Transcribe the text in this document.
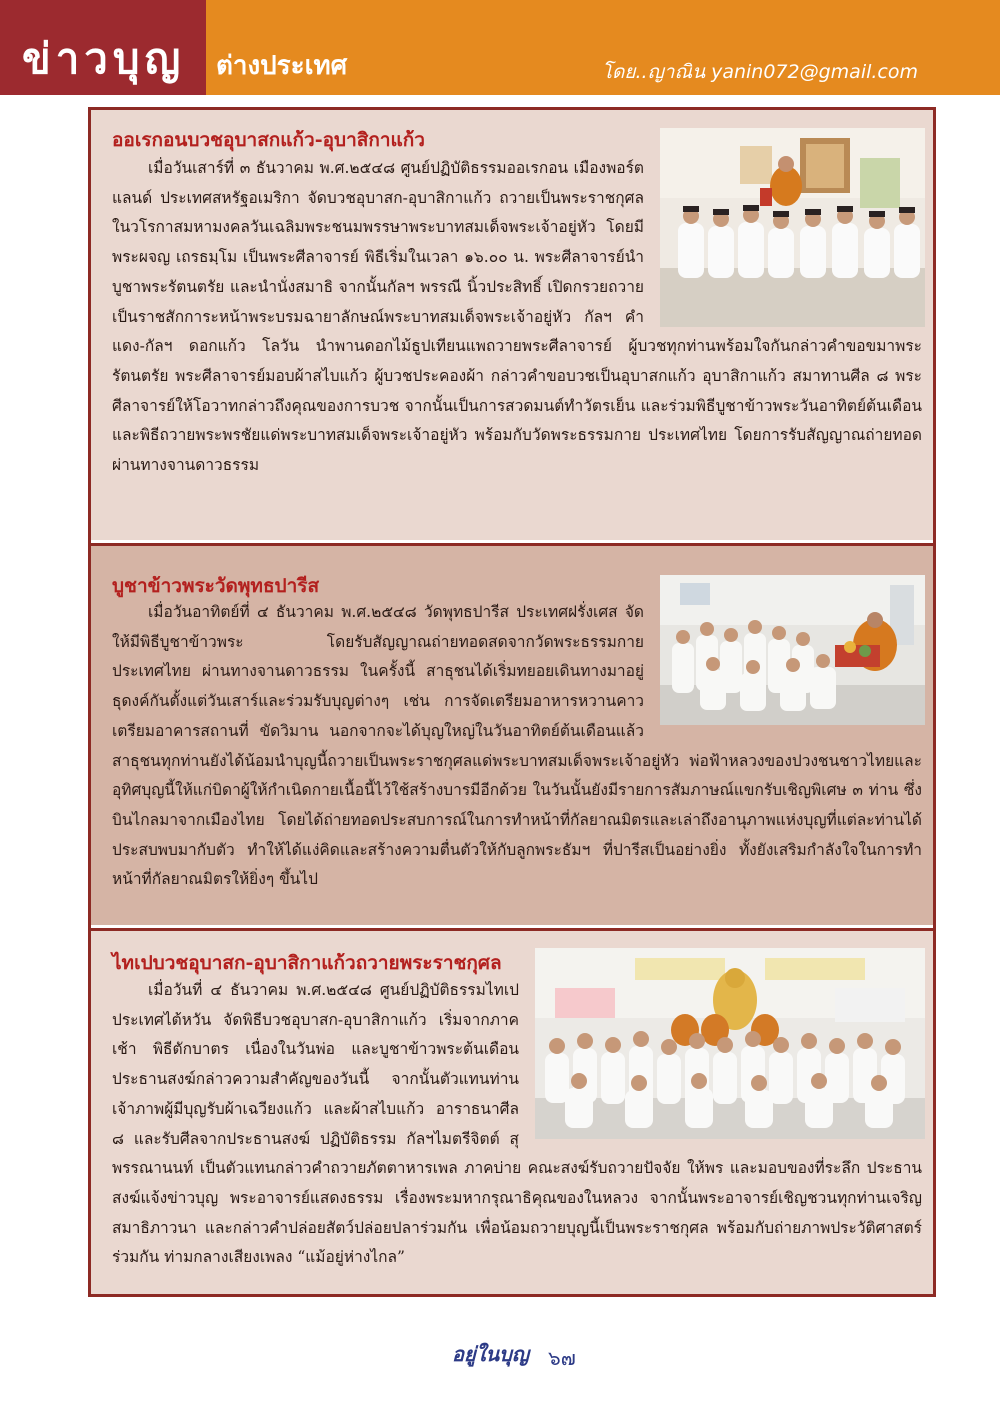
ข่าวบุญ ต่างประเทศ	โดย..ญาณิน yanin072@gmail.com
ออเรกอนบวชอุบาสกแก้ว-อุบาสิกาแก้ว

เมื่อวันเสาร์ที่ ๓ ธันวาคม พ.ศ.๒๕๔๘ ศูนย์ปฏิบัติธรรมออเรกอน เมืองพอร์ตแลนด์ ประเทศสหรัฐอเมริกา จัดบวชอุบาสก-อุบาสิกาแก้ว ถวายเป็นพระราชกุศลในวโรกาสมหามงคลวันเฉลิมพระชนมพรรษาพระบาทสมเด็จพระเจ้าอยู่หัว โดยมีพระผจญ เถรธมฺโม เป็นพระศีลาจารย์ พิธีเริ่มในเวลา ๑๖.๐๐ น. พระศีลาจารย์นำบูชาพระรัตนตรัย และนำนั่งสมาธิ จากนั้นกัลฯ พรรณี นิ้วประสิทธิ์ เปิดกรวยถวายเป็นราชสักการะหน้าพระบรมฉายาลักษณ์พระบาทสมเด็จพระเจ้าอยู่หัว กัลฯ คำแดง-กัลฯ ดอกแก้ว โลวัน นำพานดอกไม้ธูปเทียนแพถวายพระศีลาจารย์ ผู้บวชทุกท่านพร้อมใจกันกล่าวคำขอขมาพระรัตนตรัย พระศีลาจารย์มอบผ้าสไบแก้ว ผู้บวชประคองผ้า กล่าวคำขอบวชเป็นอุบาสกแก้ว อุบาสิกาแก้ว สมาทานศีล ๘ พระศีลาจารย์ให้โอวาทกล่าวถึงคุณของการบวช จากนั้นเป็นการสวดมนต์ทำวัตรเย็น และร่วมพิธีบูชาข้าวพระวันอาทิตย์ต้นเดือน และพิธีถวายพระพรชัยแด่พระบาทสมเด็จพระเจ้าอยู่หัว พร้อมกับวัดพระธรรมกาย ประเทศไทย โดยการรับสัญญาณถ่ายทอดผ่านทางจานดาวธรรม

บูชาข้าวพระวัดพุทธปารีส

เมื่อวันอาทิตย์ที่ ๔ ธันวาคม พ.ศ.๒๕๔๘ วัดพุทธปารีส ประเทศฝรั่งเศส จัดให้มีพิธีบูชาข้าวพระ โดยรับสัญญาณถ่ายทอดสดจากวัดพระธรรมกาย ประเทศไทย ผ่านทางจานดาวธรรม ในครั้งนี้ สาธุชนได้เริ่มทยอยเดินทางมาอยู่ธุดงค์กันตั้งแต่วันเสาร์และร่วมรับบุญต่างๆ เช่น การจัดเตรียมอาหารหวานคาว เตรียมอาคารสถานที่ ขัดวิมาน นอกจากจะได้บุญใหญ่ในวันอาทิตย์ต้นเดือนแล้วสาธุชนทุกท่านยังได้น้อมนำบุญนี้ถวายเป็นพระราชกุศลแด่พระบาทสมเด็จพระเจ้าอยู่หัว พ่อฟ้าหลวงของปวงชนชาวไทยและอุทิศบุญนี้ให้แก่บิดาผู้ให้กำเนิดกายเนื้อนี้ไว้ใช้สร้างบารมีอีกด้วย ในวันนั้นยังมีรายการสัมภาษณ์แขกรับเชิญพิเศษ ๓ ท่าน ซึ่งบินไกลมาจากเมืองไทย โดยได้ถ่ายทอดประสบการณ์ในการทำหน้าที่กัลยาณมิตรและเล่าถึงอานุภาพแห่งบุญที่แต่ละท่านได้ประสบพบมากับตัว ทำให้ได้แง่คิดและสร้างความตื่นตัวให้กับลูกพระธัมฯ ที่ปารีสเป็นอย่างยิ่ง ทั้งยังเสริมกำลังใจในการทำหน้าที่กัลยาณมิตรให้ยิ่งๆ ขึ้นไป

ไทเปบวชอุบาสก-อุบาสิกาแก้วถวายพระราชกุศล

เมื่อวันที่ ๔ ธันวาคม พ.ศ.๒๕๔๘ ศูนย์ปฏิบัติธรรมไทเป ประเทศไต้หวัน จัดพิธีบวชอุบาสก-อุบาสิกาแก้ว เริ่มจากภาคเช้า พิธีตักบาตร เนื่องในวันพ่อ และบูชาข้าวพระต้นเดือน ประธานสงฆ์กล่าวความสำคัญของวันนี้ จากนั้นตัวแทนท่านเจ้าภาพผู้มีบุญรับผ้าเฉวียงแก้ว และผ้าสไบแก้ว อาราธนาศีล ๘ และรับศีลจากประธานสงฆ์ ปฏิบัติธรรม กัลฯไมตรีจิตต์ สุพรรณานนท์ เป็นตัวแทนกล่าวคำถวายภัตตาหารเพล ภาคบ่าย คณะสงฆ์รับถวายปัจจัย ให้พร และมอบของที่ระลึก ประธานสงฆ์แจ้งข่าวบุญ พระอาจารย์แสดงธรรม เรื่องพระมหากรุณาธิคุณของในหลวง จากนั้นพระอาจารย์เชิญชวนทุกท่านเจริญสมาธิภาวนา และกล่าวคำปล่อยสัตว์ปล่อยปลาร่วมกัน เพื่อน้อมถวายบุญนี้เป็นพระราชกุศล พร้อมกับถ่ายภาพประวัติศาสตร์ร่วมกัน ท่ามกลางเสียงเพลง “แม้อยู่ห่างไกล”

อยู่ในบุญ ๖๗
